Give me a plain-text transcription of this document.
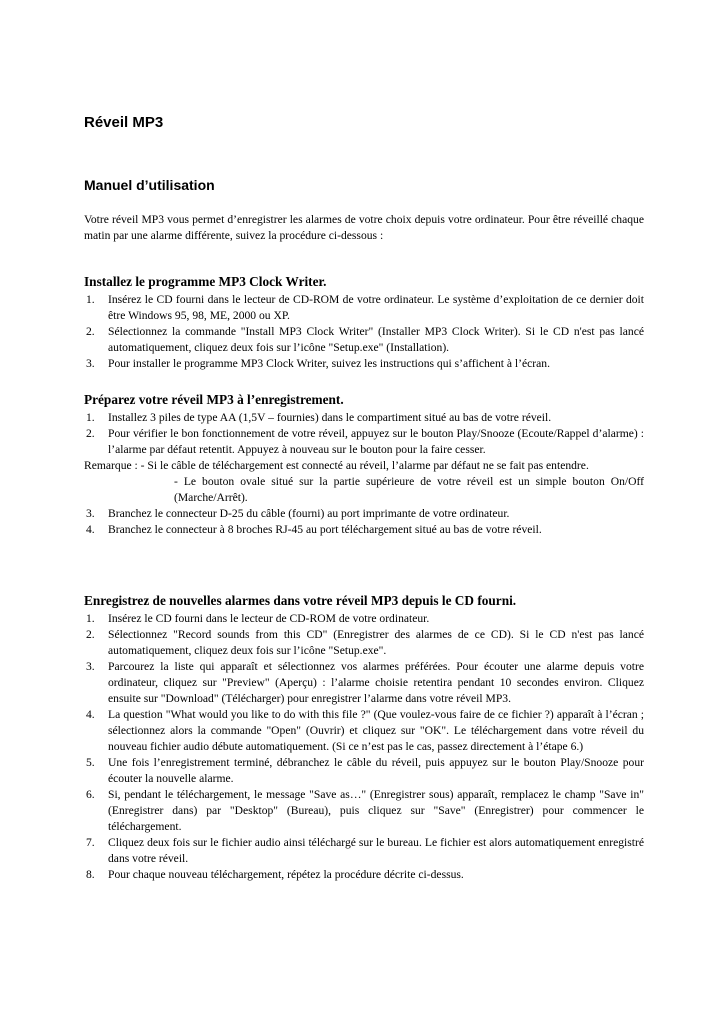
Réveil MP3
Manuel d’utilisation
Votre réveil MP3 vous permet d’enregistrer les alarmes de votre choix depuis votre ordinateur. Pour être réveillé chaque matin par une alarme différente, suivez la procédure ci-dessous :
Installez le programme MP3 Clock Writer.
1. Insérez le CD fourni dans le lecteur de CD-ROM de votre ordinateur. Le système d’exploitation de ce dernier doit être Windows 95, 98, ME, 2000 ou XP.
2. Sélectionnez la commande "Install MP3 Clock Writer" (Installer MP3 Clock Writer). Si le CD n'est pas lancé automatiquement, cliquez deux fois sur l’icône "Setup.exe" (Installation).
3. Pour installer le programme MP3 Clock Writer, suivez les instructions qui s’affichent à l’écran.
Préparez votre réveil MP3 à l’enregistrement.
1. Installez 3 piles de type AA (1,5V – fournies) dans le compartiment situé au bas de votre réveil.
2. Pour vérifier le bon fonctionnement de votre réveil, appuyez sur le bouton Play/Snooze (Ecoute/Rappel d’alarme) : l’alarme par défaut retentit. Appuyez à nouveau sur le bouton pour la faire cesser.
Remarque : - Si le câble de téléchargement est connecté au réveil, l’alarme par défaut ne se fait pas entendre.
- Le bouton ovale situé sur la partie supérieure de votre réveil est un simple bouton On/Off (Marche/Arrêt).
3. Branchez le connecteur D-25 du câble (fourni) au port imprimante de votre ordinateur.
4. Branchez le connecteur à 8 broches RJ-45 au port téléchargement situé au bas de votre réveil.
Enregistrez de nouvelles alarmes dans votre réveil MP3 depuis le CD fourni.
1. Insérez le CD fourni dans le lecteur de CD-ROM de votre ordinateur.
2. Sélectionnez "Record sounds from this CD" (Enregistrer des alarmes de ce CD). Si le CD n'est pas lancé automatiquement, cliquez deux fois sur l’icône "Setup.exe".
3. Parcourez la liste qui apparaît et sélectionnez vos alarmes préférées. Pour écouter une alarme depuis votre ordinateur, cliquez sur "Preview" (Aperçu) : l’alarme choisie retentira pendant 10 secondes environ. Cliquez ensuite sur "Download" (Télécharger) pour enregistrer l’alarme dans votre réveil MP3.
4. La question "What would you like to do with this file ?" (Que voulez-vous faire de ce fichier ?) apparaît à l’écran ; sélectionnez alors la commande "Open" (Ouvrir) et cliquez sur "OK". Le téléchargement dans votre réveil du nouveau fichier audio débute automatiquement. (Si ce n’est pas le cas, passez directement à l’étape 6.)
5. Une fois l’enregistrement terminé, débranchez le câble du réveil, puis appuyez sur le bouton Play/Snooze pour écouter la nouvelle alarme.
6. Si, pendant le téléchargement, le message "Save as…" (Enregistrer sous) apparaît, remplacez le champ "Save in" (Enregistrer dans) par "Desktop" (Bureau), puis cliquez sur "Save" (Enregistrer) pour commencer le téléchargement.
7. Cliquez deux fois sur le fichier audio ainsi téléchargé sur le bureau. Le fichier est alors automatiquement enregistré dans votre réveil.
8. Pour chaque nouveau téléchargement, répétez la procédure décrite ci-dessus.
